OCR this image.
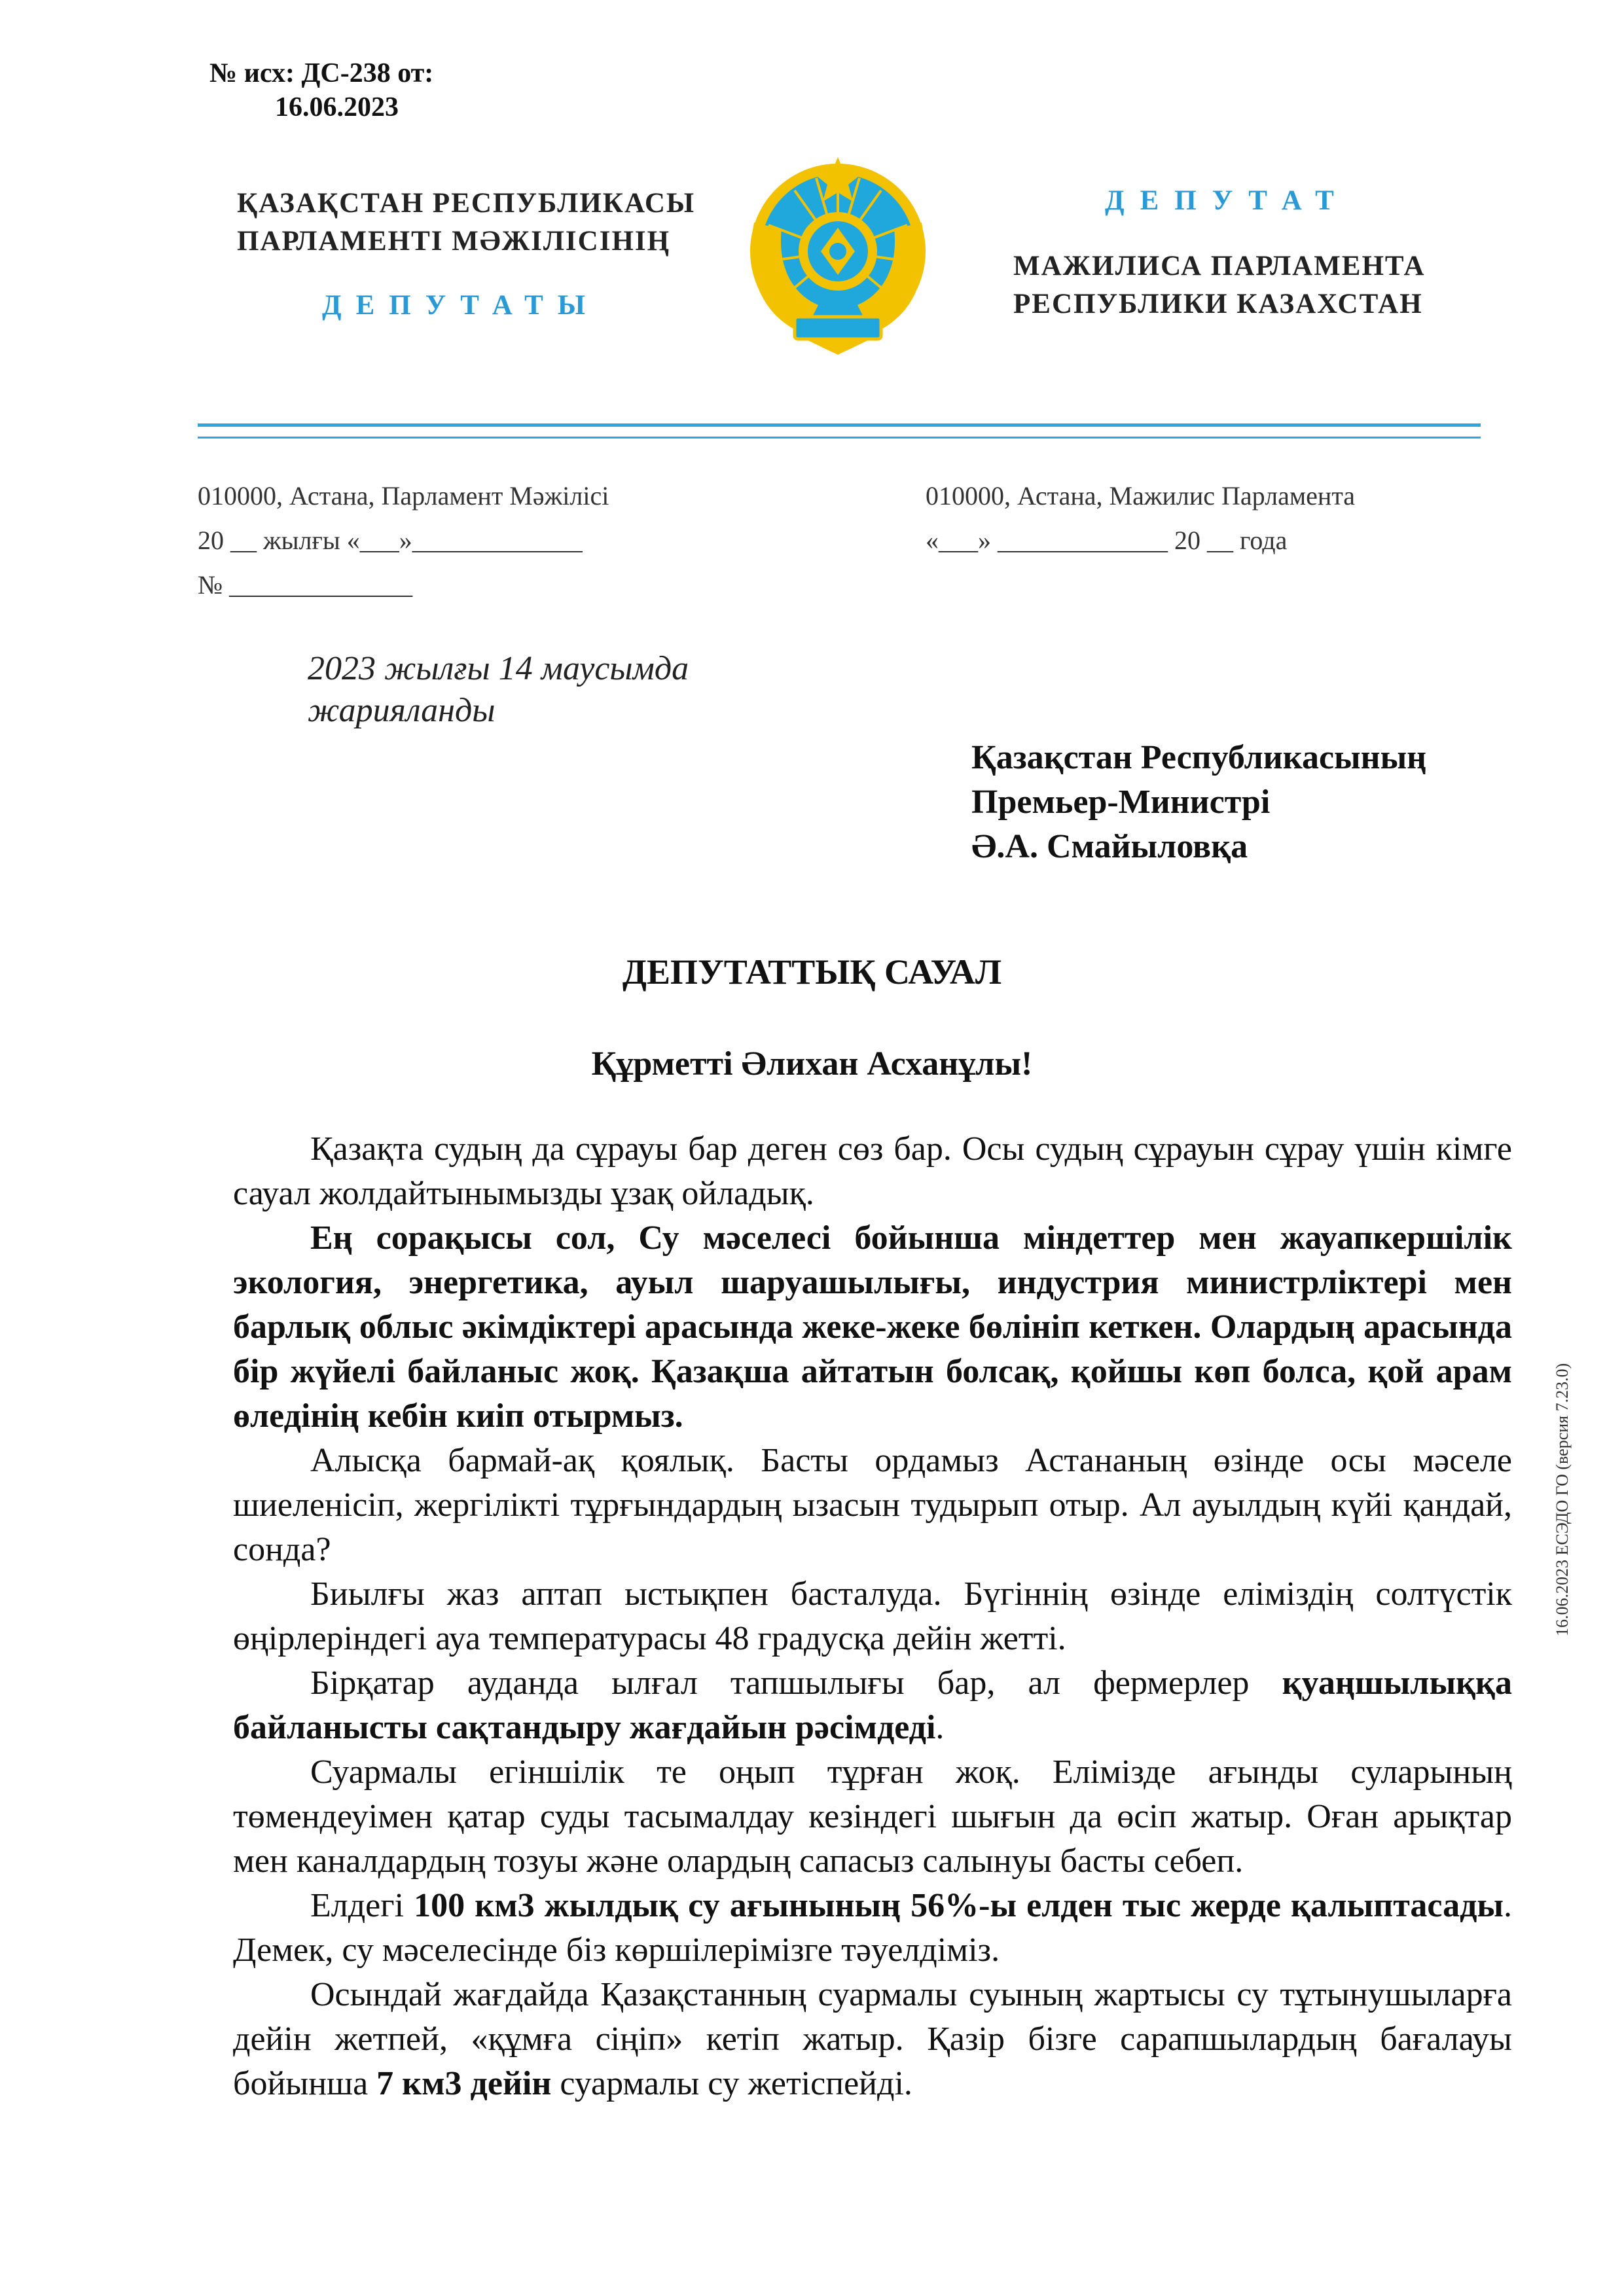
№ исх: ДС-238 от:
16.06.2023
ҚАЗАҚСТАН РЕСПУБЛИКАСЫ
ПАРЛАМЕНТІ МӘЖІЛІСІНІҢ
ДЕПУТАТЫ
ДЕПУТАТ
МАЖИЛИСА ПАРЛАМЕНТА
РЕСПУБЛИКИ КАЗАХСТАН
010000, Астана, Парламент Мәжілісі
20 __ жылғы «___»_____________
№ ______________
010000, Астана, Мажилис Парламента
«___» _____________ 20 __ года
2023 жылғы 14 маусымда
жарияланды
Қазақстан Республикасының
Премьер-Министрі
Ә.А. Смайыловқа
ДЕПУТАТТЫҚ САУАЛ
Құрметті Әлихан Асханұлы!

Қазақта судың да сұрауы бар деген сөз бар. Осы судың сұрауын сұрау үшін кімге сауал жолдайтынымызды ұзақ ойладық.

Ең сорақысы сол, Су мәселесі бойынша міндеттер мен жауапкершілік экология, энергетика, ауыл шаруашылығы, индустрия министрліктері мен барлық облыс әкімдіктері арасында жеке-жеке бөлініп кеткен. Олардың арасында бір жүйелі байланыс жоқ. Қазақша айтатын болсақ, қойшы көп болса, қой арам өледінің кебін киіп отырмыз.

Алысқа бармай-ақ қоялық. Басты ордамыз Астананың өзінде осы мәселе шиеленісіп, жергілікті тұрғындардың ызасын тудырып отыр. Ал ауылдың күйі қандай, сонда?

Биылғы жаз аптап ыстықпен басталуда. Бүгіннің өзінде еліміздің солтүстік өңірлеріндегі ауа температурасы 48 градусқа дейін жетті.

Бірқатар ауданда ылғал тапшылығы бар, ал фермерлер қуаңшылыққа байланысты сақтандыру жағдайын рәсімдеді.

Суармалы егіншілік те оңып тұрған жоқ. Елімізде ағынды суларының төмендеуімен қатар суды тасымалдау кезіндегі шығын да өсіп жатыр. Оған арықтар мен каналдардың тозуы және олардың сапасыз салынуы басты себеп.

Елдегі 100 км3 жылдық су ағынының 56%-ы елден тыс жерде қалыптасады. Демек, су мәселесінде біз көршілерімізге тәуелдіміз.

Осындай жағдайда Қазақстанның суармалы суының жартысы су тұтынушыларға дейін жетпей, «құмға сіңіп» кетіп жатыр. Қазір бізге сарапшылардың бағалауы бойынша 7 км3 дейін суармалы су жетіспейді.

16.06.2023 ЕСЭДО ГО (версия 7.23.0)
